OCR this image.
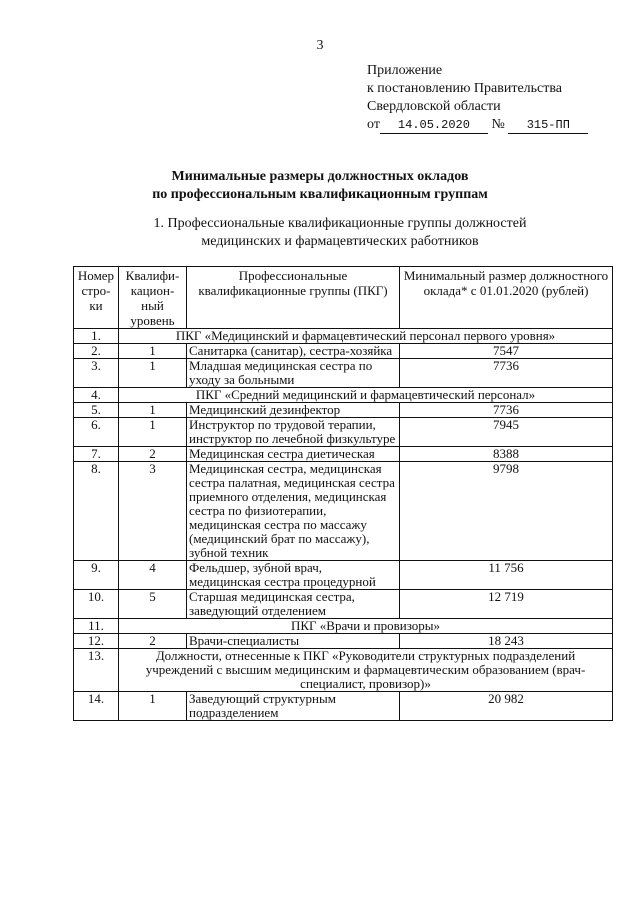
3
Приложение
к постановлению Правительства
Свердловской области
от 14.05.2020 № 315-ПП
Минимальные размеры должностных окладов
по профессиональным квалификационным группам
1. Профессиональные квалификационные группы должностей
медицинских и фармацевтических работников
Номер стро- ки	Квалифи- кацион- ный уровень	Профессиональные квалификационные группы (ПКГ)	Минимальный размер должностного оклада* с 01.01.2020 (рублей)
1.	ПКГ «Медицинский и фармацевтический персонал первого уровня»		
2.	1	Санитарка (санитар), сестра-хозяйка	7547
3.	1	Младшая медицинская сестра по уходу за больными	7736
4.	ПКГ «Средний медицинский и фармацевтический персонал»		
5.	1	Медицинский дезинфектор	7736
6.	1	Инструктор по трудовой терапии, инструктор по лечебной физкультуре	7945
7.	2	Медицинская сестра диетическая	8388
8.	3	Медицинская сестра, медицинская сестра палатная, медицинская сестра приемного отделения, медицинская сестра по физиотерапии, медицинская сестра по массажу (медицинский брат по массажу), зубной техник	9798
9.	4	Фельдшер, зубной врач, медицинская сестра процедурной	11 756
10.	5	Старшая медицинская сестра, заведующий отделением	12 719
11.	ПКГ «Врачи и провизоры»		
12.	2	Врачи-специалисты	18 243
13.	Должности, отнесенные к ПКГ «Руководители структурных подразделений учреждений с высшим медицинским и фармацевтическим образованием (врач-специалист, провизор)»		
14.	1	Заведующий структурным подразделением	20 982
